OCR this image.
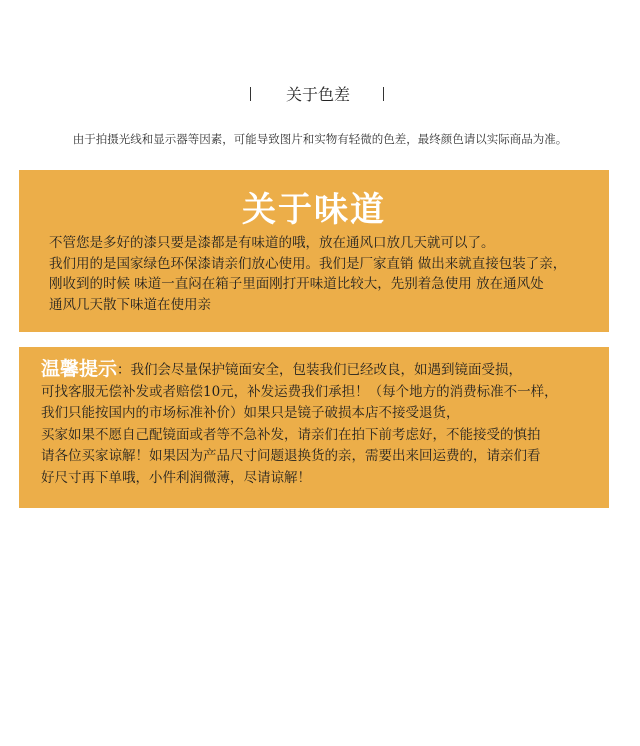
关于色差
由于拍摄光线和显示器等因素，可能导致图片和实物有轻微的色差，最终颜色请以实际商品为准。
关于味道
不管您是多好的漆只要是漆都是有味道的哦，放在通风口放几天就可以了。
我们用的是国家绿色环保漆请亲们放心使用。我们是厂家直销 做出来就直接包装了亲，
刚收到的时候 味道一直闷在箱子里面刚打开味道比较大，先别着急使用 放在通风处
通风几天散下味道在使用亲
温馨提示：我们会尽量保护镜面安全，包装我们已经改良，如遇到镜面受损，
可找客服无偿补发或者赔偿10元，补发运费我们承担！（每个地方的消费标准不一样，
我们只能按国内的市场标准补价）如果只是镜子破损本店不接受退货，
买家如果不愿自己配镜面或者等不急补发，请亲们在拍下前考虑好，不能接受的慎拍
请各位买家谅解！如果因为产品尺寸问题退换货的亲，需要出来回运费的，请亲们看
好尺寸再下单哦，小件利润微薄，尽请谅解！
